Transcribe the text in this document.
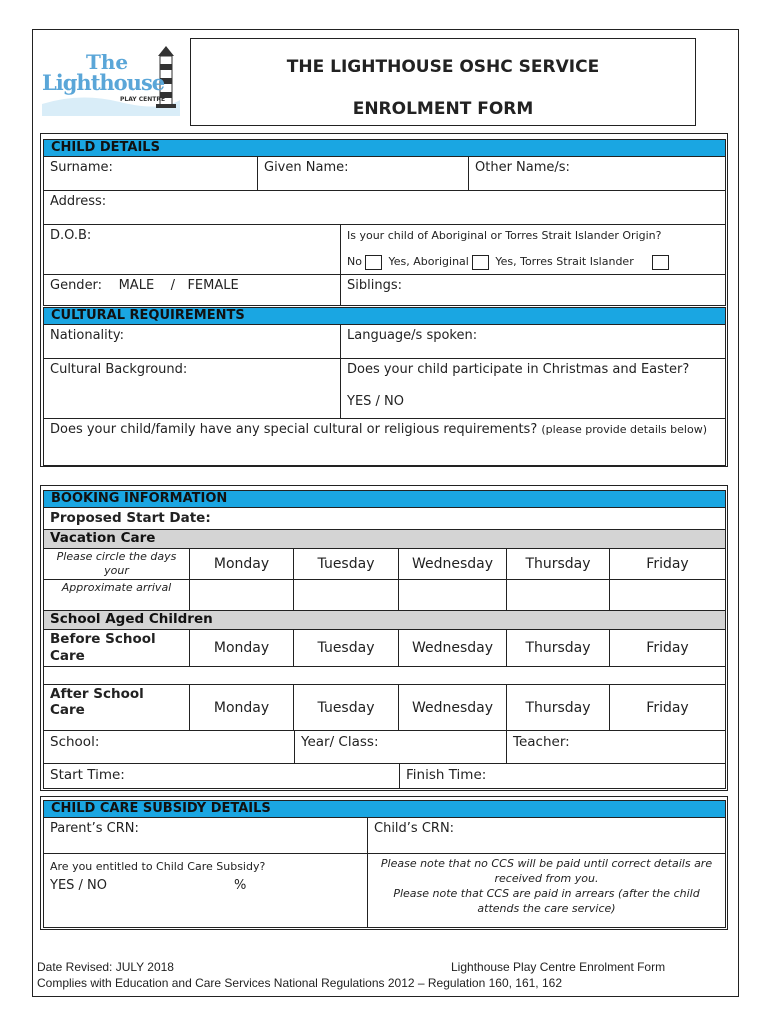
The
Lighthouse
PLAY CENTRE
THE LIGHTHOUSE OSHC SERVICE
ENROLMENT FORM
CHILD DETAILS
Surname:	Given Name:	Other Name/s:
Address:
D.O.B:	Is your child of Aboriginal or Torres Strait Islander Origin?
No Yes, Aboriginal Yes, Torres Strait Islander
Gender:    MALE    /   FEMALE	Siblings:
CULTURAL REQUIREMENTS
Nationality:	Language/s spoken:
Cultural Background:	Does your child participate in Christmas and Easter?
YES / NO
Does your child/family have any special cultural or religious requirements? (please provide details below)
BOOKING INFORMATION
Proposed Start Date:
Vacation Care
Please circle the days your	Monday	Tuesday	Wednesday	Thursday	Friday
Approximate arrival
School Aged Children
Before School Care	Monday	Tuesday	Wednesday	Thursday	Friday
After School Care	Monday	Tuesday	Wednesday	Thursday	Friday
School:	Year/ Class:	Teacher:
Start Time:	Finish Time:
CHILD CARE SUBSIDY DETAILS
Parent’s CRN:	Child’s CRN:
Are you entitled to Child Care Subsidy?
YES / NO	%
Please note that no CCS will be paid until correct details are received from you.
Please note that CCS are paid in arrears (after the child attends the care service)
Date Revised: JULY 2018	Lighthouse Play Centre Enrolment Form
Complies with Education and Care Services National Regulations 2012 – Regulation 160, 161, 162
